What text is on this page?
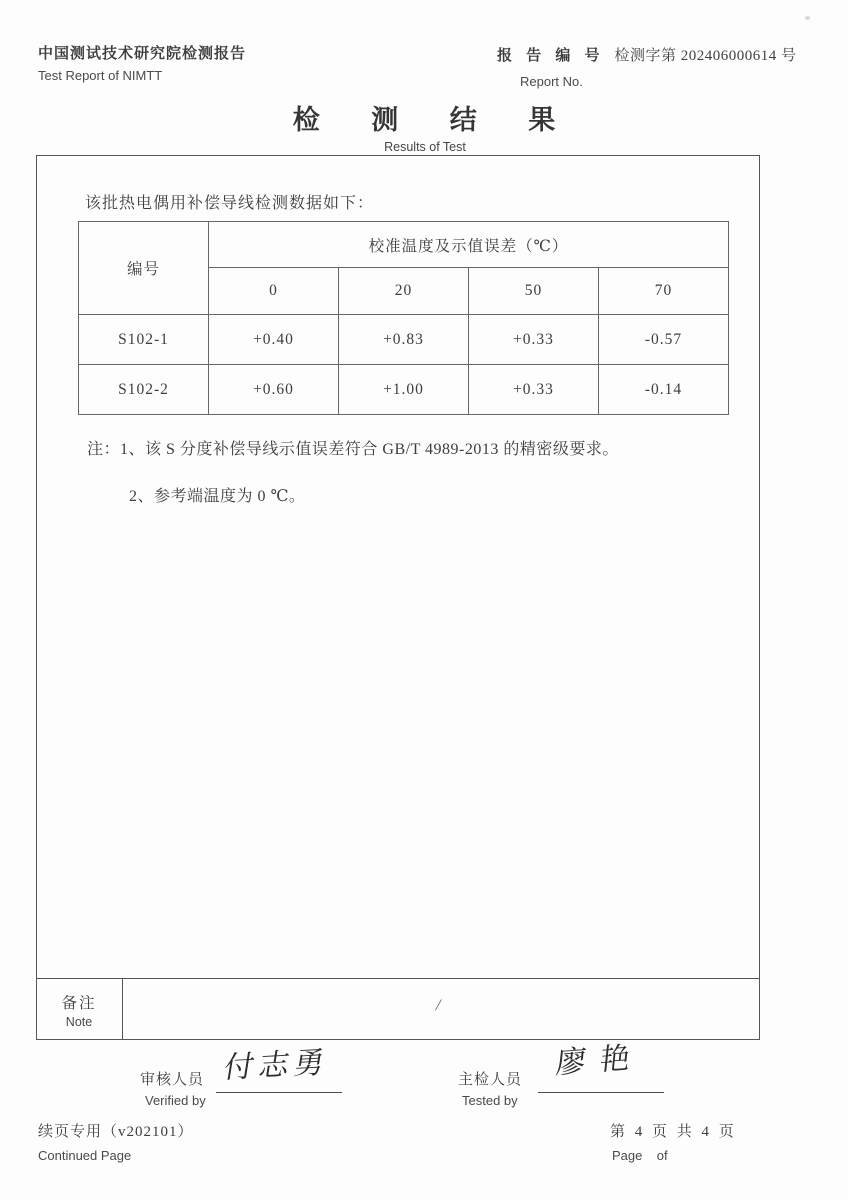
中国测试技术研究院检测报告
Test Report of NIMTT
报 告 编 号 检测字第 202406000614 号
Report No.
检 测 结 果
Results of Test
该批热电偶用补偿导线检测数据如下：
编号	校准温度及示值误差（℃）			
	0	20	50	70
S102-1	+0.40	+0.83	+0.33	-0.57
S102-2	+0.60	+1.00	+0.33	-0.14
注：1、该 S 分度补偿导线示值误差符合 GB/T 4989-2013 的精密级要求。
2、参考端温度为 0 ℃。
备注
Note
/
审核人员 付志勇
Verified by
主检人员 廖艳
Tested by
续页专用（v202101）
Continued Page
第 4 页 共 4 页
Page    of
